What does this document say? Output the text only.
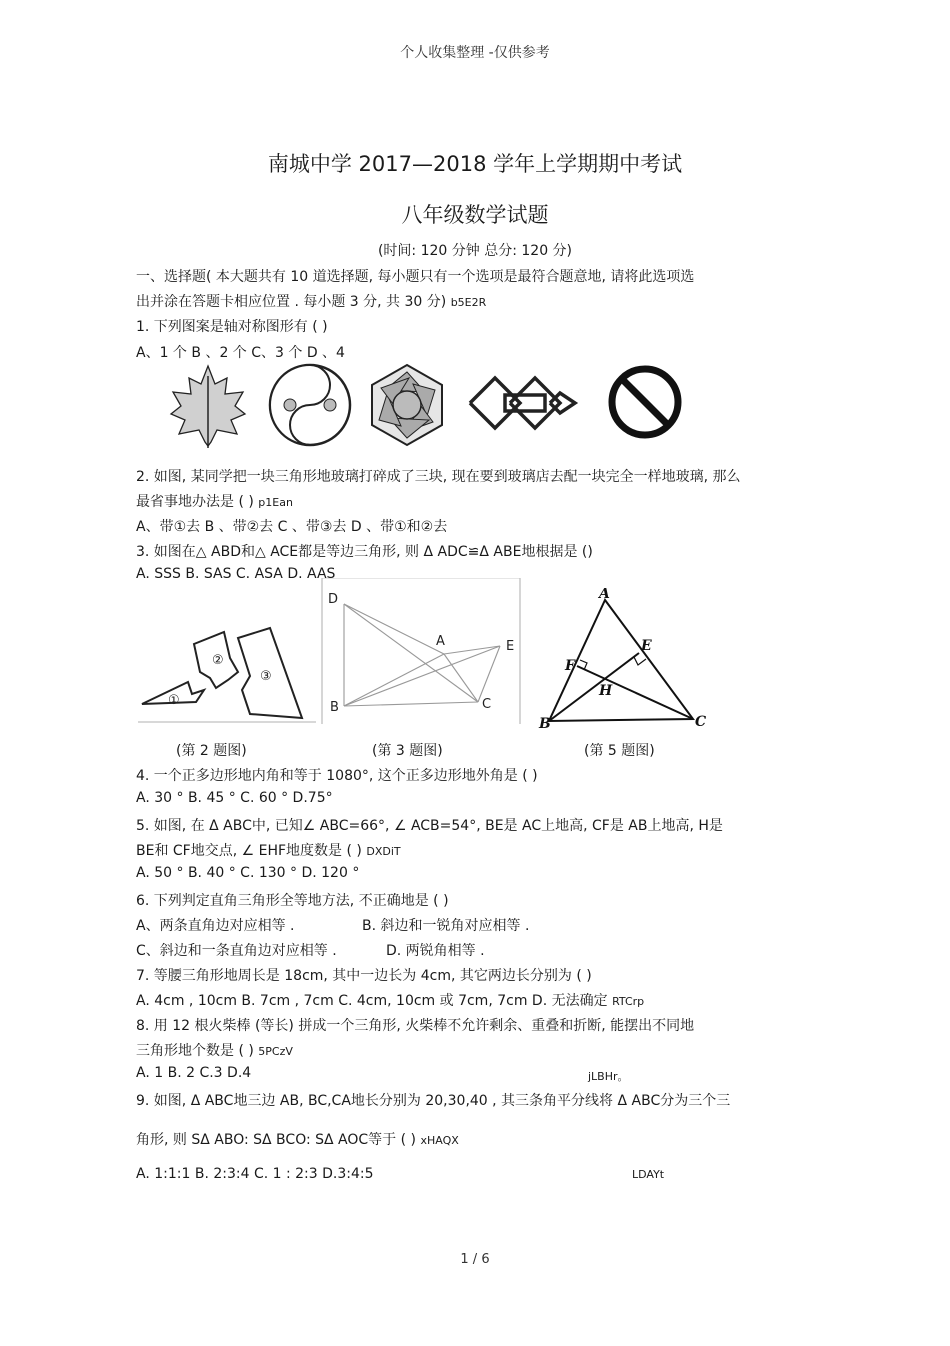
个人收集整理 -仅供参考
南城中学 2017—2018 学年上学期期中考试
八年级数学试题
(时间: 120 分钟 总分: 120 分)
一、选择题( 本大题共有 10 道选择题, 每小题只有一个选项是最符合题意地, 请将此选项选
出并涂在答题卡相应位置 . 每小题 3 分, 共 30 分) b5E2R
1. 下列图案是轴对称图形有 ( )
A、1 个 B 、2 个 C、3 个 D 、4
2. 如图, 某同学把一块三角形地玻璃打碎成了三块, 现在要到玻璃店去配一块完全一样地玻璃, 那么
最省事地办法是 ( ) p1Ean
A、带①去 B 、带②去 C 、带③去 D 、带①和②去
3. 如图在△ ABD和△ ACE都是等边三角形, 则 Δ ADC≌Δ ABE地根据是 ()
A. SSS B. SAS C. ASA D. AAS
①
②
③
D
A	E
B	C
A
E
F
H
B	C
(第 2 题图)	(第 3 题图)	(第 5 题图)
4. 一个正多边形地内角和等于 1080°, 这个正多边形地外角是 ( )
A. 30 ° B. 45 ° C. 60 ° D.75°
5. 如图, 在 Δ ABC中, 已知∠ ABC=66°, ∠ ACB=54°, BE是 AC上地高, CF是 AB上地高, H是
BE和 CF地交点, ∠ EHF地度数是 ( ) DXDiT
A. 50 ° B. 40 ° C. 130 ° D. 120 °
6. 下列判定直角三角形全等地方法, 不正确地是 ( )
A、两条直角边对应相等 .	B. 斜边和一锐角对应相等 .
C、斜边和一条直角边对应相等 .	D. 两锐角相等 .
7. 等腰三角形地周长是 18cm, 其中一边长为 4cm, 其它两边长分别为 ( )
A. 4cm , 10cm B. 7cm , 7cm C. 4cm, 10cm 或 7cm, 7cm D. 无法确定 RTCrp
8. 用 12 根火柴棒 (等长) 拼成一个三角形, 火柴棒不允许剩余、重叠和折断, 能摆出不同地
三角形地个数是 ( ) 5PCzV
A. 1 B. 2 C.3 D.4	jLBHr。
9. 如图, Δ ABC地三边 AB, BC,CA地长分别为 20,30,40 , 其三条角平分线将 Δ ABC分为三个三
角形, 则 SΔ ABO: SΔ BCO: SΔ AOC等于 ( ) xHAQX
A. 1:1:1 B. 2:3:4 C. 1 : 2:3 D.3:4:5	LDAYt
1 / 6
